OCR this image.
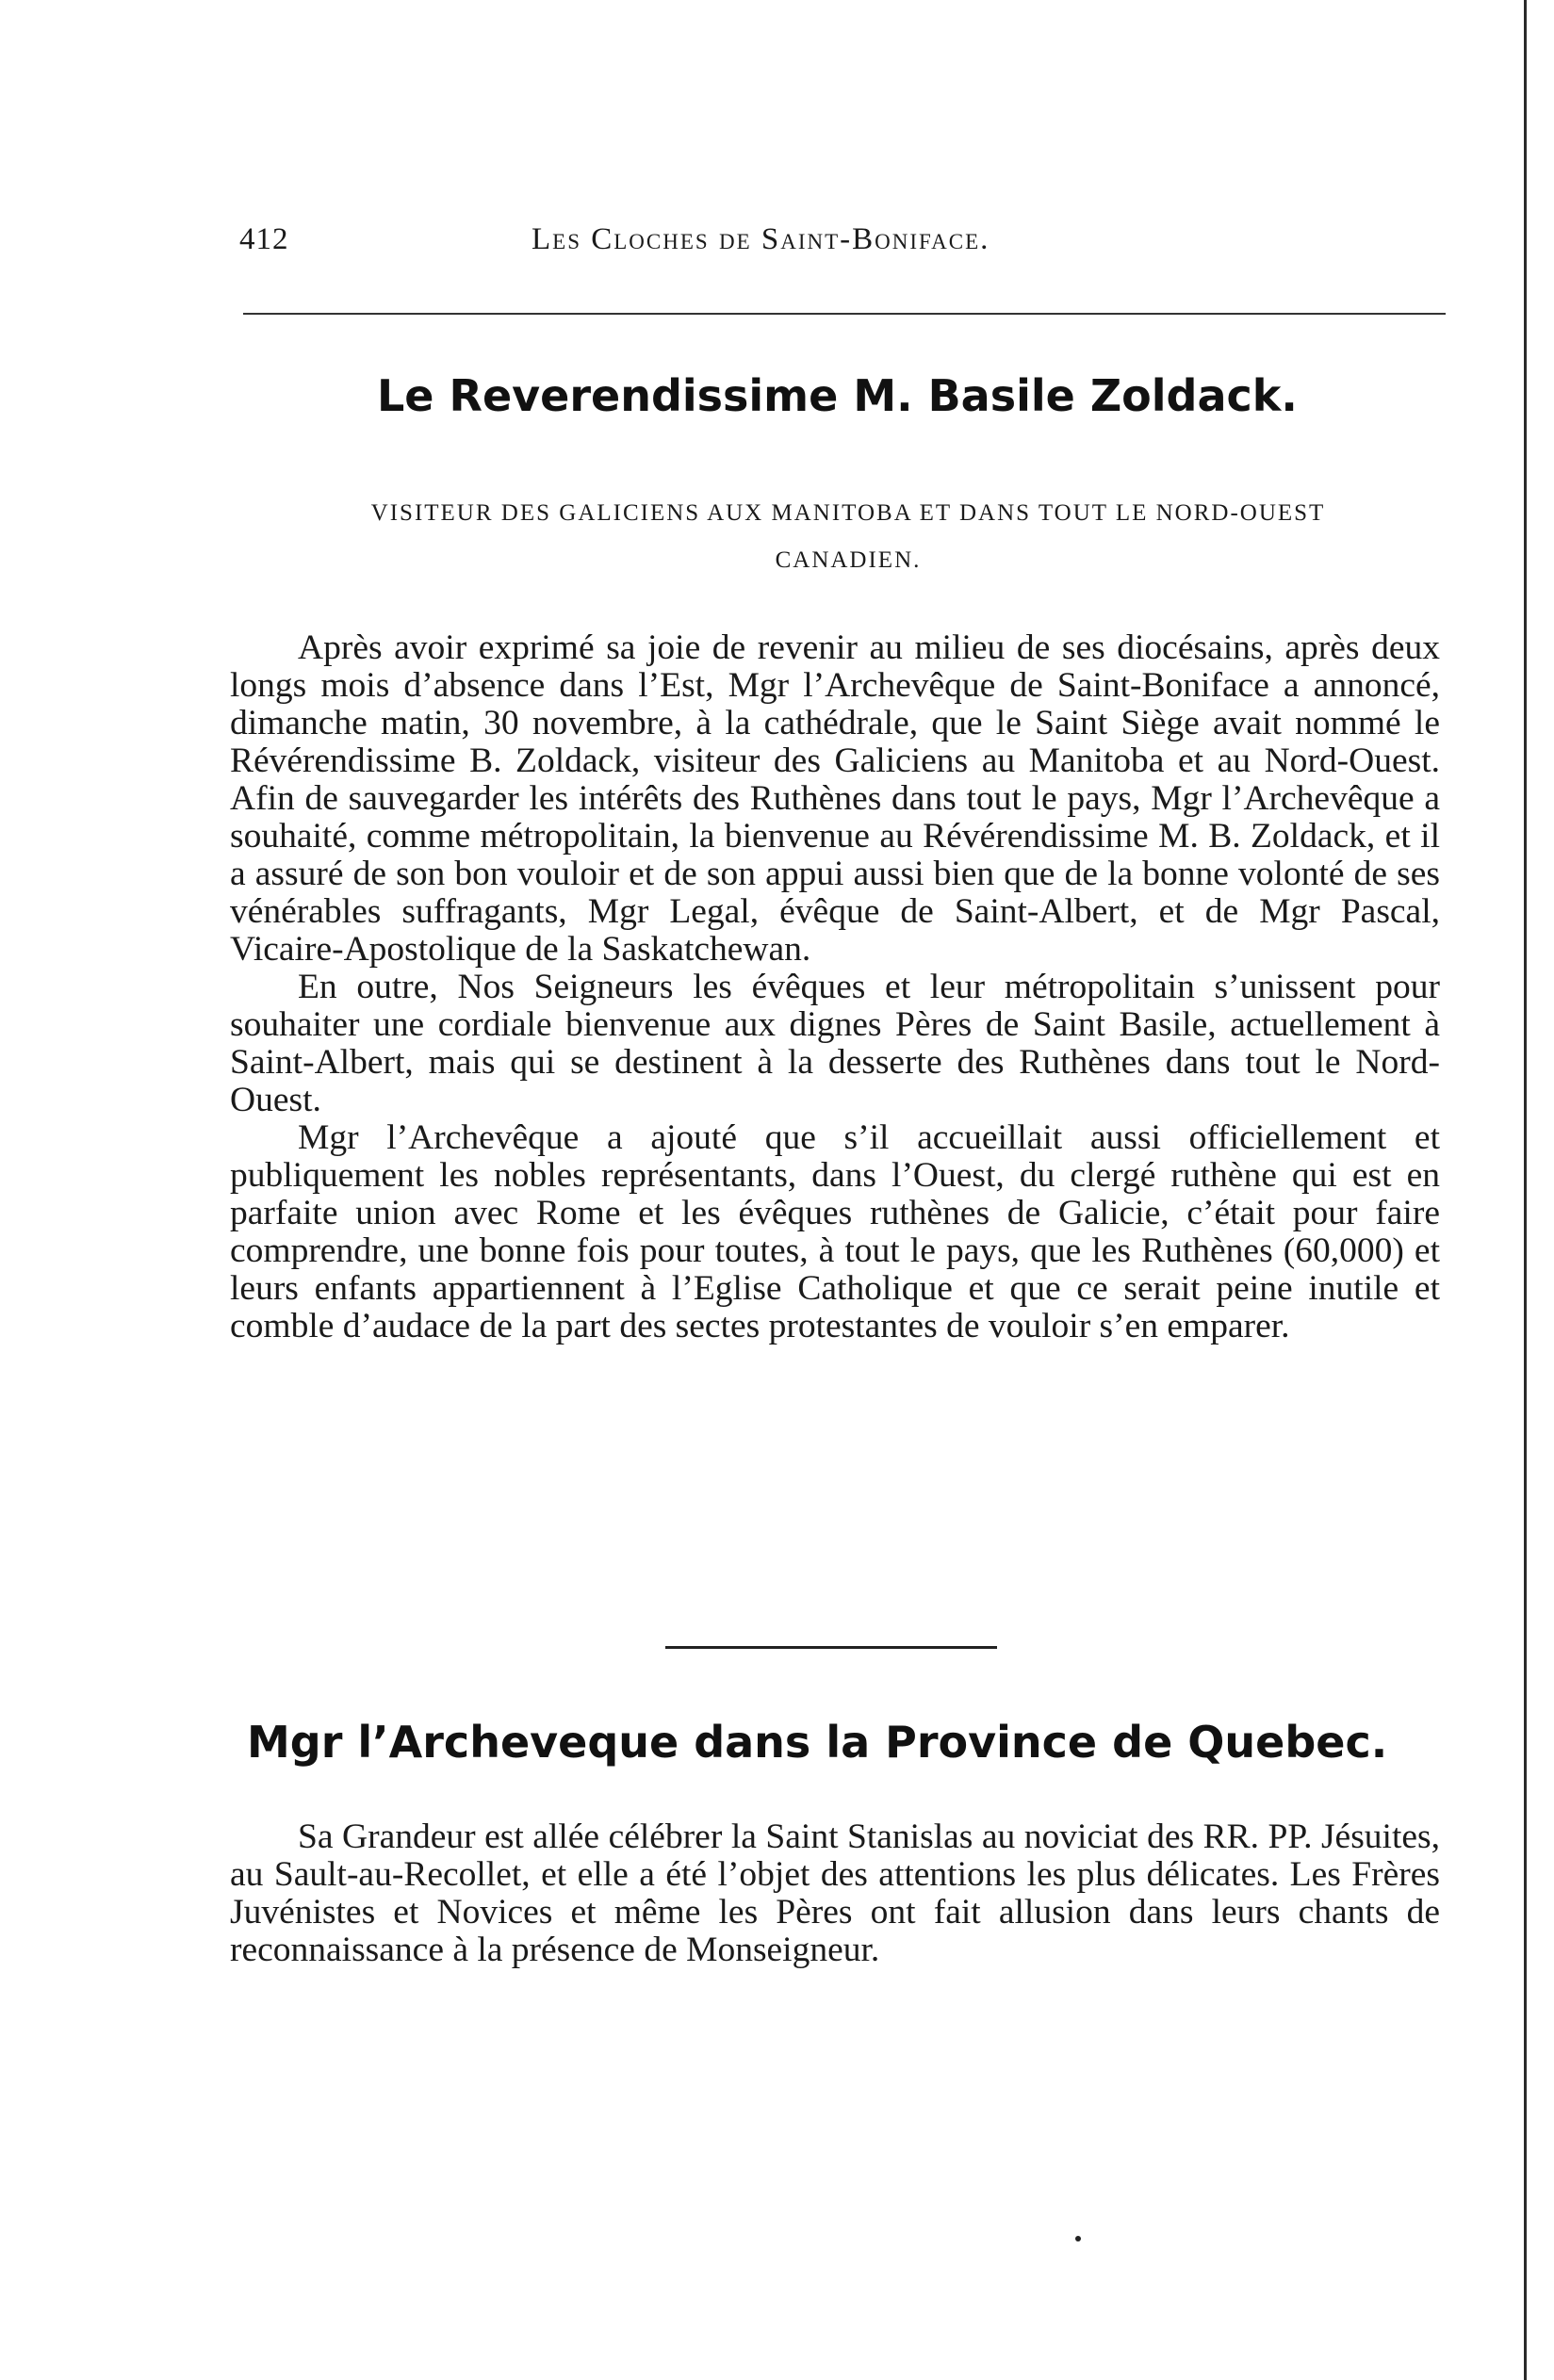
412	Les Cloches de Saint-Boniface.
Le Reverendissime M. Basile Zoldack.
VISITEUR DES GALICIENS AUX MANITOBA ET DANS TOUT LE NORD-OUEST CANADIEN.

Après avoir exprimé sa joie de revenir au milieu de ses diocésains, après deux longs mois d’absence dans l’Est, Mgr l’Archevêque de Saint-Boniface a annoncé, dimanche matin, 30 novembre, à la cathédrale, que le Saint Siège avait nommé le Révérendissime B. Zoldack, visiteur des Galiciens au Manitoba et au Nord-Ouest. Afin de sauvegarder les intérêts des Ruthènes dans tout le pays, Mgr l’Archevêque a souhaité, comme métropolitain, la bienvenue au Révérendissime M. B. Zoldack, et il a assuré de son bon vouloir et de son appui aussi bien que de la bonne volonté de ses vénérables suffragants, Mgr Legal, évêque de Saint-Albert, et de Mgr Pascal, Vicaire-Apostolique de la Saskatchewan.

En outre, Nos Seigneurs les évêques et leur métropolitain s’unissent pour souhaiter une cordiale bienvenue aux dignes Pères de Saint Basile, actuellement à Saint-Albert, mais qui se destinent à la desserte des Ruthènes dans tout le Nord-Ouest.

Mgr l’Archevêque a ajouté que s’il accueillait aussi officiellement et publiquement les nobles représentants, dans l’Ouest, du clergé ruthène qui est en parfaite union avec Rome et les évêques ruthènes de Galicie, c’était pour faire comprendre, une bonne fois pour toutes, à tout le pays, que les Ruthènes (60,000) et leurs enfants appartiennent à l’Eglise Catholique et que ce serait peine inutile et comble d’audace de la part des sectes protestantes de vouloir s’en emparer.

Mgr l’Archeveque dans la Province de Quebec.

Sa Grandeur est allée célébrer la Saint Stanislas au noviciat des RR. PP. Jésuites, au Sault-au-Recollet, et elle a été l’objet des attentions les plus délicates. Les Frères Juvénistes et Novices et même les Pères ont fait allusion dans leurs chants de reconnaissance à la présence de Monseigneur.
